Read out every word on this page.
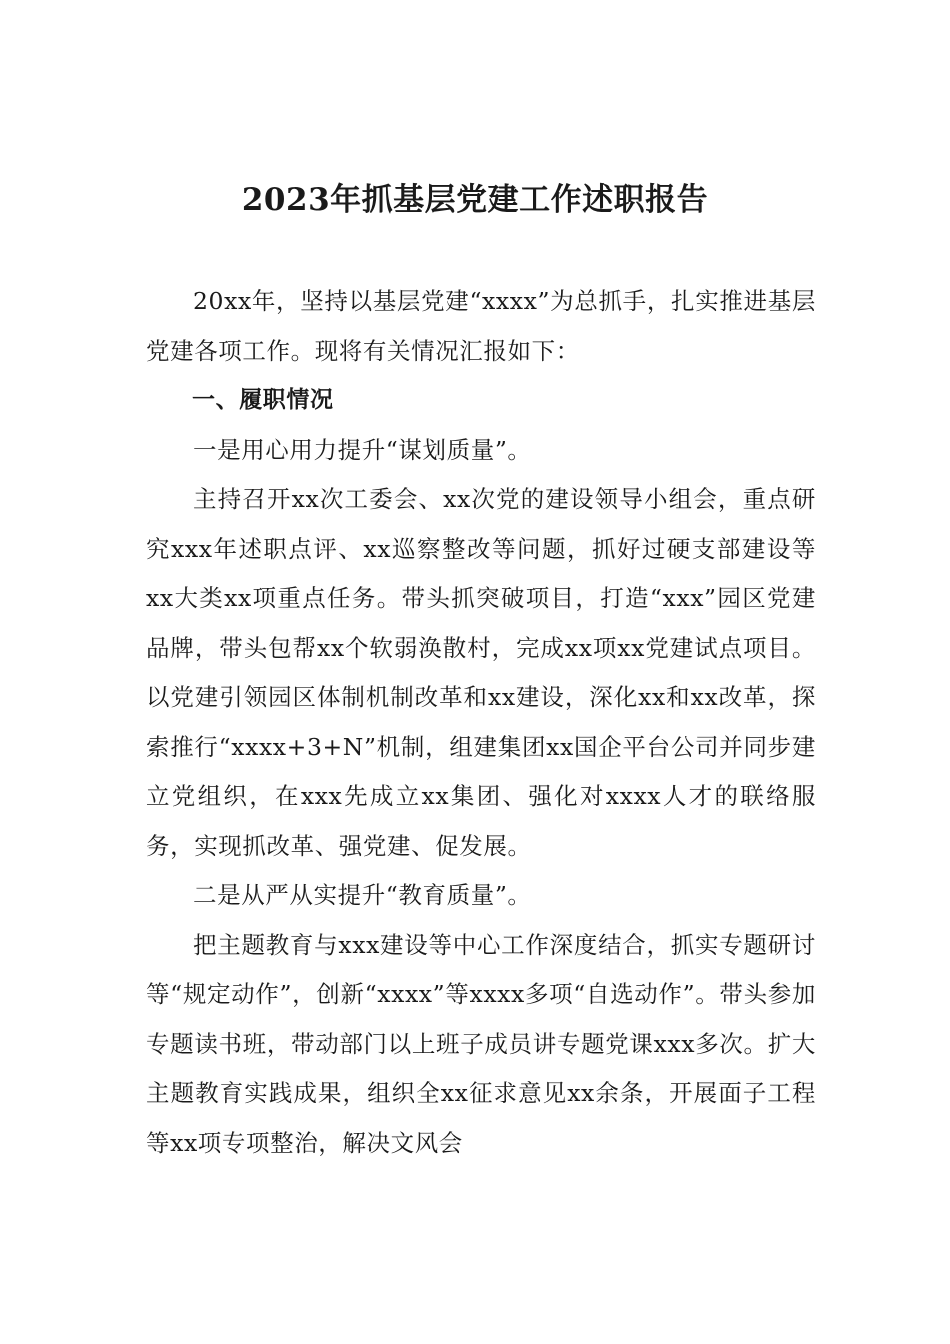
2023年抓基层党建工作述职报告

20xx年，坚持以基层党建“xxxx”为总抓手，扎实推进基层党建各项工作。现将有关情况汇报如下：

一、履职情况

一是用心用力提升“谋划质量”。

主持召开xx次工委会、xx次党的建设领导小组会，重点研究xxx年述职点评、xx巡察整改等问题，抓好过硬支部建设等xx大类xx项重点任务。带头抓突破项目，打造“xxx”园区党建品牌，带头包帮xx个软弱涣散村，完成xx项xx党建试点项目。以党建引领园区体制机制改革和xx建设，深化xx和xx改革，探索推行“xxxx+3+N”机制，组建集团xx国企平台公司并同步建立党组织，在xxx先成立xx集团、强化对xxxx人才的联络服务，实现抓改革、强党建、促发展。

二是从严从实提升“教育质量”。

把主题教育与xxx建设等中心工作深度结合，抓实专题研讨等“规定动作”，创新“xxxx”等xxxx多项“自选动作”。带头参加专题读书班，带动部门以上班子成员讲专题党课xxx多次。扩大主题教育实践成果，组织全xx征求意见xx余条，开展面子工程等xx项专项整治，解决文风会
